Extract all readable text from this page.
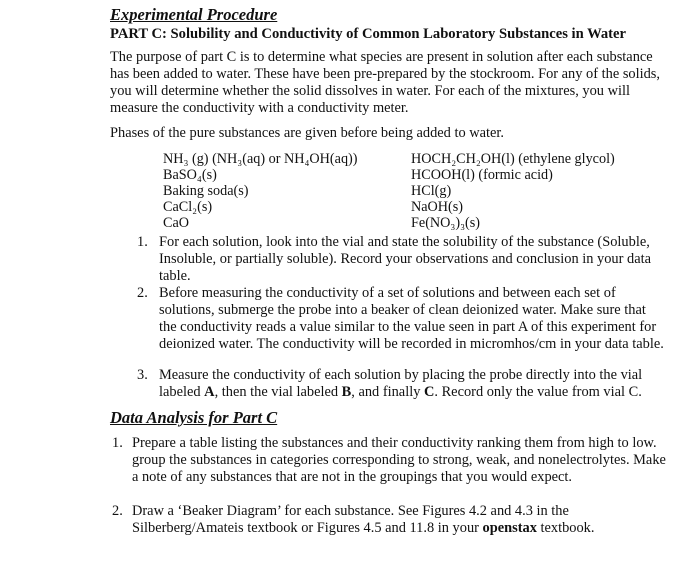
Experimental Procedure
PART C: Solubility and Conductivity of Common Laboratory Substances in Water
The purpose of part C is to determine what species are present in solution after each substance has been added to water. These have been pre-prepared by the stockroom. For any of the solids, you will determine whether the solid dissolves in water. For each of the mixtures, you will measure the conductivity with a conductivity meter.
Phases of the pure substances are given before being added to water.
NH₃ (g) (NH₃(aq) or NH₄OH(aq))
BaSO₄(s)
Baking soda(s)
CaCl₂(s)
CaO
HOCH₂CH₂OH(l) (ethylene glycol)
HCOOH(l) (formic acid)
HCl(g)
NaOH(s)
Fe(NO₃)₃(s)
1. For each solution, look into the vial and state the solubility of the substance (Soluble, Insoluble, or partially soluble). Record your observations and conclusion in your data table.
2. Before measuring the conductivity of a set of solutions and between each set of solutions, submerge the probe into a beaker of clean deionized water. Make sure that the conductivity reads a value similar to the value seen in part A of this experiment for deionized water. The conductivity will be recorded in micromhos/cm in your data table.
3. Measure the conductivity of each solution by placing the probe directly into the vial labeled A, then the vial labeled B, and finally C. Record only the value from vial C.
Data Analysis for Part C
1. Prepare a table listing the substances and their conductivity ranking them from high to low. group the substances in categories corresponding to strong, weak, and nonelectrolytes. Make a note of any substances that are not in the groupings that you would expect.
2. Draw a ‘Beaker Diagram’ for each substance. See Figures 4.2 and 4.3 in the Silberberg/Amateis textbook or Figures 4.5 and 11.8 in your openstax textbook.
